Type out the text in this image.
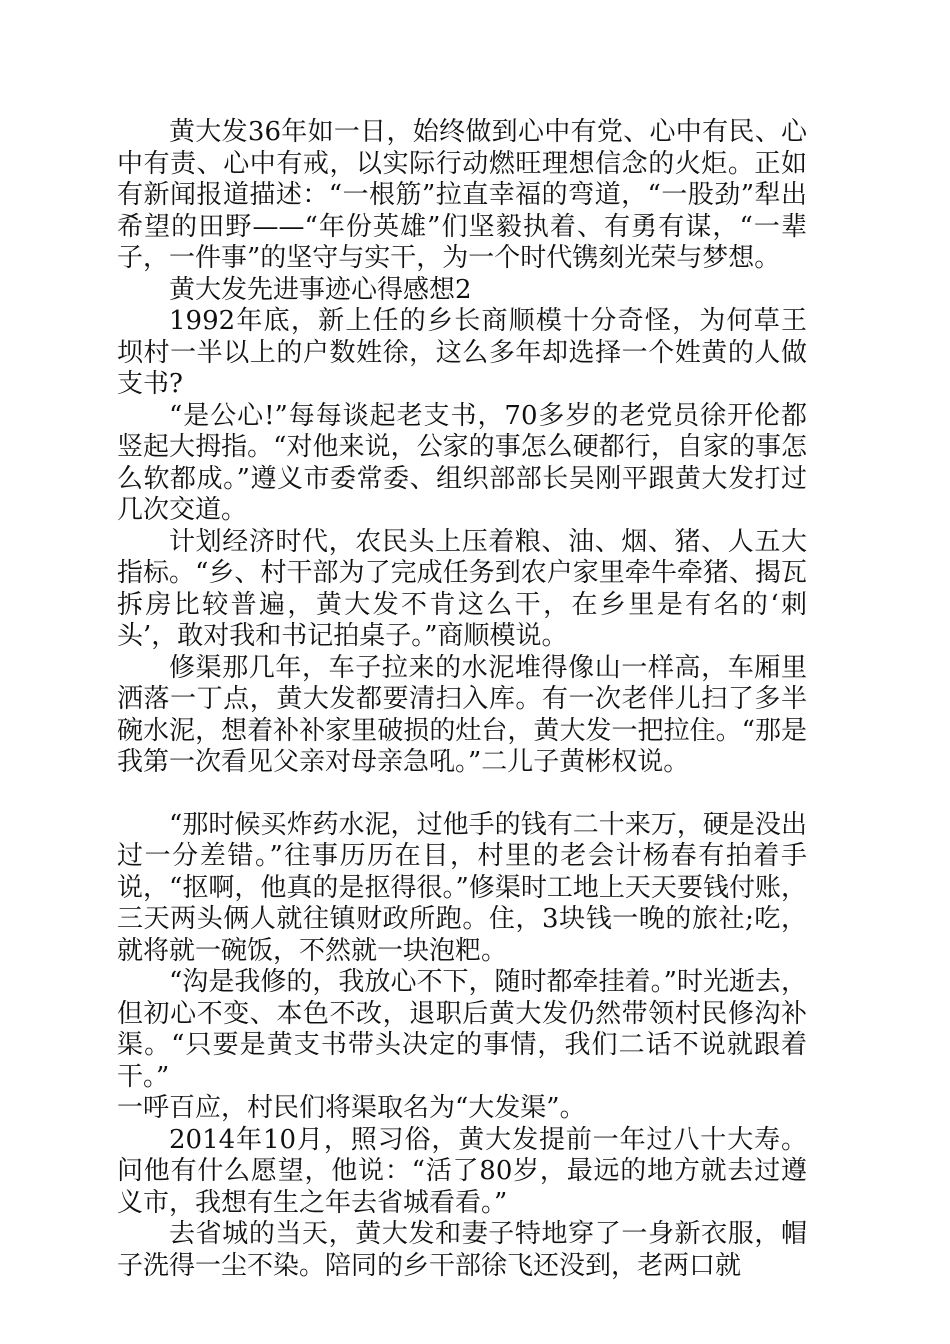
黄大发36年如一日，始终做到心中有党、心中有民、心中有责、心中有戒，以实际行动燃旺理想信念的火炬。正如有新闻报道描述：“一根筋”拉直幸福的弯道，“一股劲”犁出希望的田野——“年份英雄”们坚毅执着、有勇有谋，“一辈子，一件事”的坚守与实干，为一个时代镌刻光荣与梦想。

黄大发先进事迹心得感想2

1992年底，新上任的乡长商顺模十分奇怪，为何草王坝村一半以上的户数姓徐，这么多年却选择一个姓黄的人做支书?

“是公心!”每每谈起老支书，70多岁的老党员徐开伦都竖起大拇指。“对他来说，公家的事怎么硬都行，自家的事怎么软都成。”遵义市委常委、组织部部长吴刚平跟黄大发打过几次交道。

计划经济时代，农民头上压着粮、油、烟、猪、人五大指标。“乡、村干部为了完成任务到农户家里牵牛牵猪、揭瓦拆房比较普遍，黄大发不肯这么干，在乡里是有名的‘刺头’，敢对我和书记拍桌子。”商顺模说。

修渠那几年，车子拉来的水泥堆得像山一样高，车厢里洒落一丁点，黄大发都要清扫入库。有一次老伴儿扫了多半碗水泥，想着补补家里破损的灶台，黄大发一把拉住。“那是我第一次看见父亲对母亲急吼。”二儿子黄彬权说。

“那时候买炸药水泥，过他手的钱有二十来万，硬是没出过一分差错。”往事历历在目，村里的老会计杨春有拍着手说，“抠啊，他真的是抠得很。”修渠时工地上天天要钱付账，三天两头俩人就往镇财政所跑。住，3块钱一晚的旅社;吃，就将就一碗饭，不然就一块泡粑。

“沟是我修的，我放心不下，随时都牵挂着。”时光逝去，但初心不变、本色不改，退职后黄大发仍然带领村民修沟补渠。“只要是黄支书带头决定的事情，我们二话不说就跟着干。”

一呼百应，村民们将渠取名为“大发渠”。

2014年10月，照习俗，黄大发提前一年过八十大寿。问他有什么愿望，他说：“活了80岁，最远的地方就去过遵义市，我想有生之年去省城看看。”

去省城的当天，黄大发和妻子特地穿了一身新衣服，帽子洗得一尘不染。陪同的乡干部徐飞还没到，老两口就
